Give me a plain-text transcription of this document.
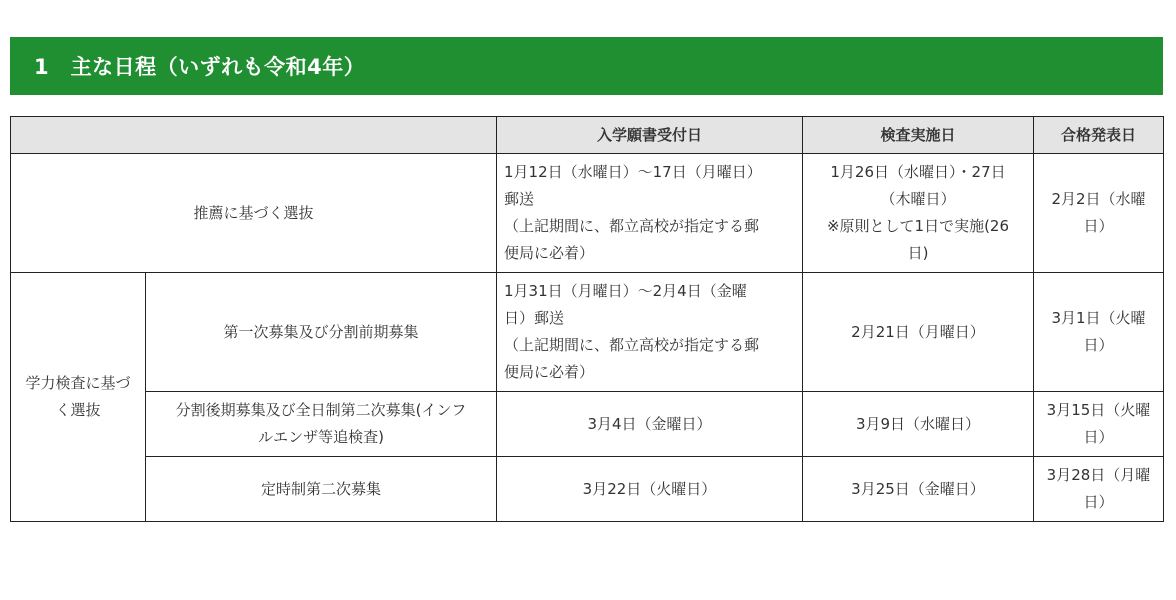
1　主な日程（いずれも令和4年）
		入学願書受付日	検査実施日	合格発表日
推薦に基づく選抜		1月12日（水曜日）～17日（月曜日）
郵送
（上記期間に、都立高校が指定する郵
便局に必着）	1月26日（水曜日）・27日
（木曜日）
※原則として1日で実施(26
日)	2月2日（水曜
日）

学力検査に基づ
く選抜	第一次募集及び分割前期募集	1月31日（月曜日）～2月4日（金曜
日）郵送
（上記期間に、都立高校が指定する郵
便局に必着）	2月21日（月曜日）	3月1日（火曜
日）

	分割後期募集及び全日制第二次募集(インフ
ルエンザ等追検査)	3月4日（金曜日）	3月9日（水曜日）	3月15日（火曜
日）

	定時制第二次募集	3月22日（火曜日）	3月25日（金曜日）	3月28日（月曜
日）
